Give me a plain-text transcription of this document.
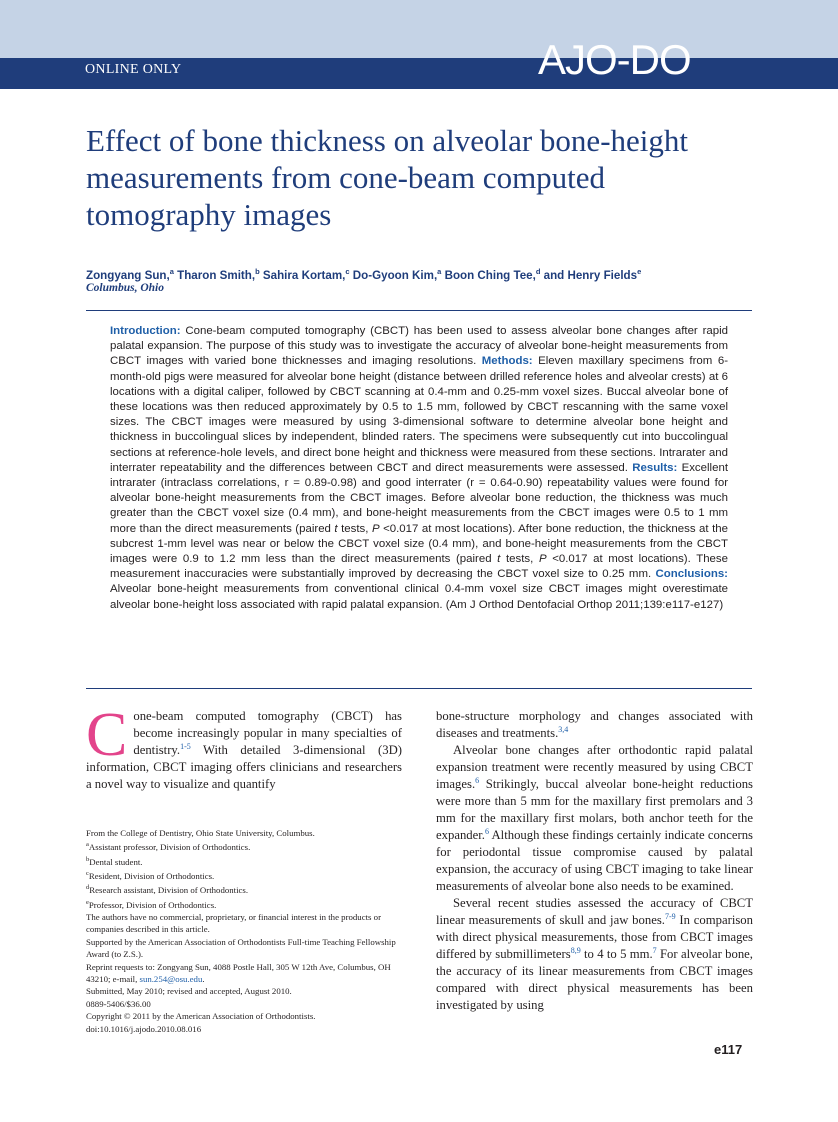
ONLINE ONLY	AJO-DO
Effect of bone thickness on alveolar bone-height
measurements from cone-beam computed
tomography images
Zongyang Sun,$^a$ Tharon Smith,$^b$ Sahira Kortam,$^c$ Do-Gyoon Kim,$^a$ Boon Ching Tee,$^d$ and Henry Fields$^e$
Columbus, Ohio

Introduction: Cone-beam computed tomography (CBCT) has been used to assess alveolar bone changes after rapid palatal expansion. The purpose of this study was to investigate the accuracy of alveolar bone-height measurements from CBCT images with varied bone thicknesses and imaging resolutions. Methods: Eleven maxillary specimens from 6-month-old pigs were measured for alveolar bone height (distance between drilled reference holes and alveolar crests) at 6 locations with a digital caliper, followed by CBCT scanning at 0.4-mm and 0.25-mm voxel sizes. Buccal alveolar bone of these locations was then reduced approximately by 0.5 to 1.5 mm, followed by CBCT rescanning with the same voxel sizes. The CBCT images were measured by using 3-dimensional software to determine alveolar bone height and thickness in buccolingual slices by independent, blinded raters. The specimens were subsequently cut into buccolingual sections at reference-hole levels, and direct bone height and thickness were measured from these sections. Intrarater and interrater repeatability and the differences between CBCT and direct measurements were assessed. Results: Excellent intrarater (intraclass correlations, r = 0.89-0.98) and good interrater (r = 0.64-0.90) repeatability values were found for alveolar bone-height measurements from the CBCT images. Before alveolar bone reduction, the thickness was much greater than the CBCT voxel size (0.4 mm), and bone-height measurements from the CBCT images were 0.5 to 1 mm more than the direct measurements (paired t tests, P <0.017 at most locations). After bone reduction, the thickness at the subcrest 1-mm level was near or below the CBCT voxel size (0.4 mm), and bone-height measurements from the CBCT images were 0.9 to 1.2 mm less than the direct measurements (paired t tests, P <0.017 at most locations). These measurement inaccuracies were substantially improved by decreasing the CBCT voxel size to 0.25 mm. Conclusions: Alveolar bone-height measurements from conventional clinical 0.4-mm voxel size CBCT images might overestimate alveolar bone-height loss associated with rapid palatal expansion. (Am J Orthod Dentofacial Orthop 2011;139:e117-e127)

Cone-beam computed tomography (CBCT) has become increasingly popular in many specialties of dentistry.$^{1-5}$ With detailed 3-dimensional (3D) information, CBCT imaging offers clinicians and researchers a novel way to visualize and quantify

From the College of Dentistry, Ohio State University, Columbus.
$^a$Assistant professor, Division of Orthodontics.
$^b$Dental student.
$^c$Resident, Division of Orthodontics.
$^d$Research assistant, Division of Orthodontics.
$^e$Professor, Division of Orthodontics.
The authors have no commercial, proprietary, or financial interest in the products or companies described in this article.
Supported by the American Association of Orthodontists Full-time Teaching Fellowship Award (to Z.S.).
Reprint requests to: Zongyang Sun, 4088 Postle Hall, 305 W 12th Ave, Columbus, OH 43210; e-mail, sun.254@osu.edu.
Submitted, May 2010; revised and accepted, August 2010.
0889-5406/$36.00
Copyright © 2011 by the American Association of Orthodontists.
doi:10.1016/j.ajodo.2010.08.016

bone-structure morphology and changes associated with diseases and treatments.$^{3,4}$

Alveolar bone changes after orthodontic rapid palatal expansion treatment were recently measured by using CBCT images.$^6$ Strikingly, buccal alveolar bone-height reductions were more than 5 mm for the maxillary first premolars and 3 mm for the maxillary first molars, both anchor teeth for the expander.$^6$ Although these findings certainly indicate concerns for periodontal tissue compromise caused by palatal expansion, the accuracy of using CBCT imaging to take linear measurements of alveolar bone also needs to be examined.

Several recent studies assessed the accuracy of CBCT linear measurements of skull and jaw bones.$^{7-9}$ In comparison with direct physical measurements, those from CBCT images differed by submillimeters$^{8,9}$ to 4 to 5 mm.$^7$ For alveolar bone, the accuracy of its linear measurements from CBCT images compared with direct physical measurements has been investigated by using

e117
